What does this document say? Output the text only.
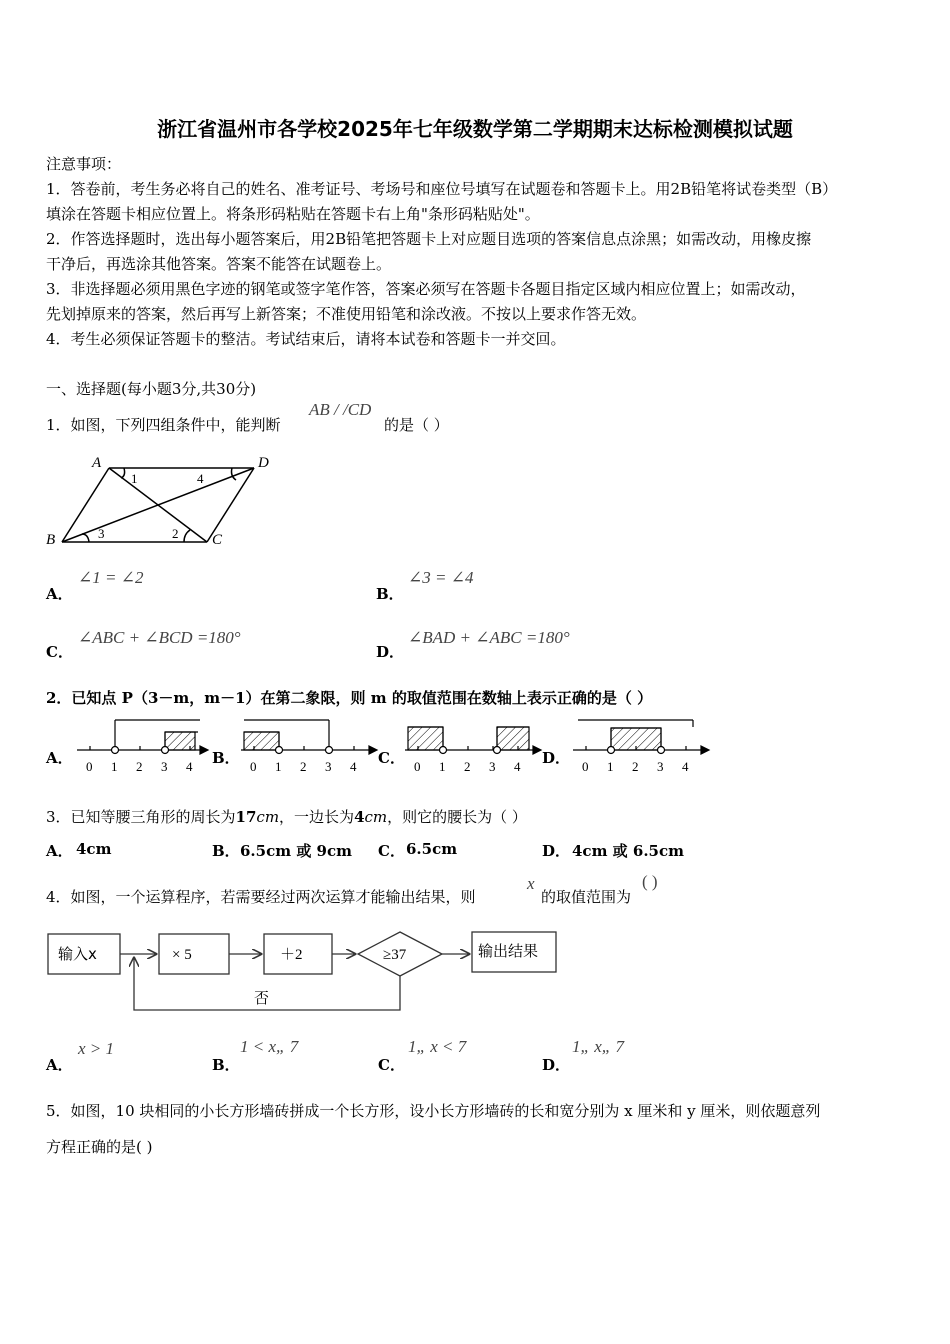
浙江省温州市各学校2025年七年级数学第二学期期末达标检测模拟试题
注意事项：
1．答卷前，考生务必将自己的姓名、准考证号、考场号和座位号填写在试题卷和答题卡上。用2B铅笔将试卷类型（B）
填涂在答题卡相应位置上。将条形码粘贴在答题卡右上角"条形码粘贴处"。
2．作答选择题时，选出每小题答案后，用2B铅笔把答题卡上对应题目选项的答案信息点涂黑；如需改动，用橡皮擦
干净后，再选涂其他答案。答案不能答在试题卷上。
3．非选择题必须用黑色字迹的钢笔或签字笔作答，答案必须写在答题卡各题目指定区域内相应位置上；如需改动，
先划掉原来的答案，然后再写上新答案；不准使用铅笔和涂改液。不按以上要求作答无效。
4．考生必须保证答题卡的整洁。考试结束后，请将本试卷和答题卡一并交回。
一、选择题(每小题3分,共30分)
1．如图，下列四组条件中，能判断
AB / /CD
的是（ ）
A	D
B	C
1	4
2
3
A．
∠1 = ∠2
B．
∠3 = ∠4
C．
∠ABC + ∠BCD =180°
D．
∠BAD + ∠ABC =180°
2．已知点 P（3－m，m－1）在第二象限，则 m 的取值范围在数轴上表示正确的是（ ）
A．	B．	C．	D．
0 1 2 3 4	0 1 2 3 4	0 1 2 3 4	0 1 2 3 4
3．已知等腰三角形的周长为17cm，一边长为4cm，则它的腰长为（ ）
A． 4cm	B． 6.5cm 或 9cm C． 6.5cm	D． 4cm 或 6.5cm
4．如图，一个运算程序，若需要经过两次运算才能输出结果，则
x
的取值范围为
( )
输入x	× 5	＋2	≥37	输出结果
否
A．
x > 1
B．
1 < x„ 7
C．
1„ x < 7
D．
1„ x„ 7
5．如图，10 块相同的小长方形墙砖拼成一个长方形，设小长方形墙砖的长和宽分别为 x 厘米和 y 厘米，则依题意列
方程正确的是( )
